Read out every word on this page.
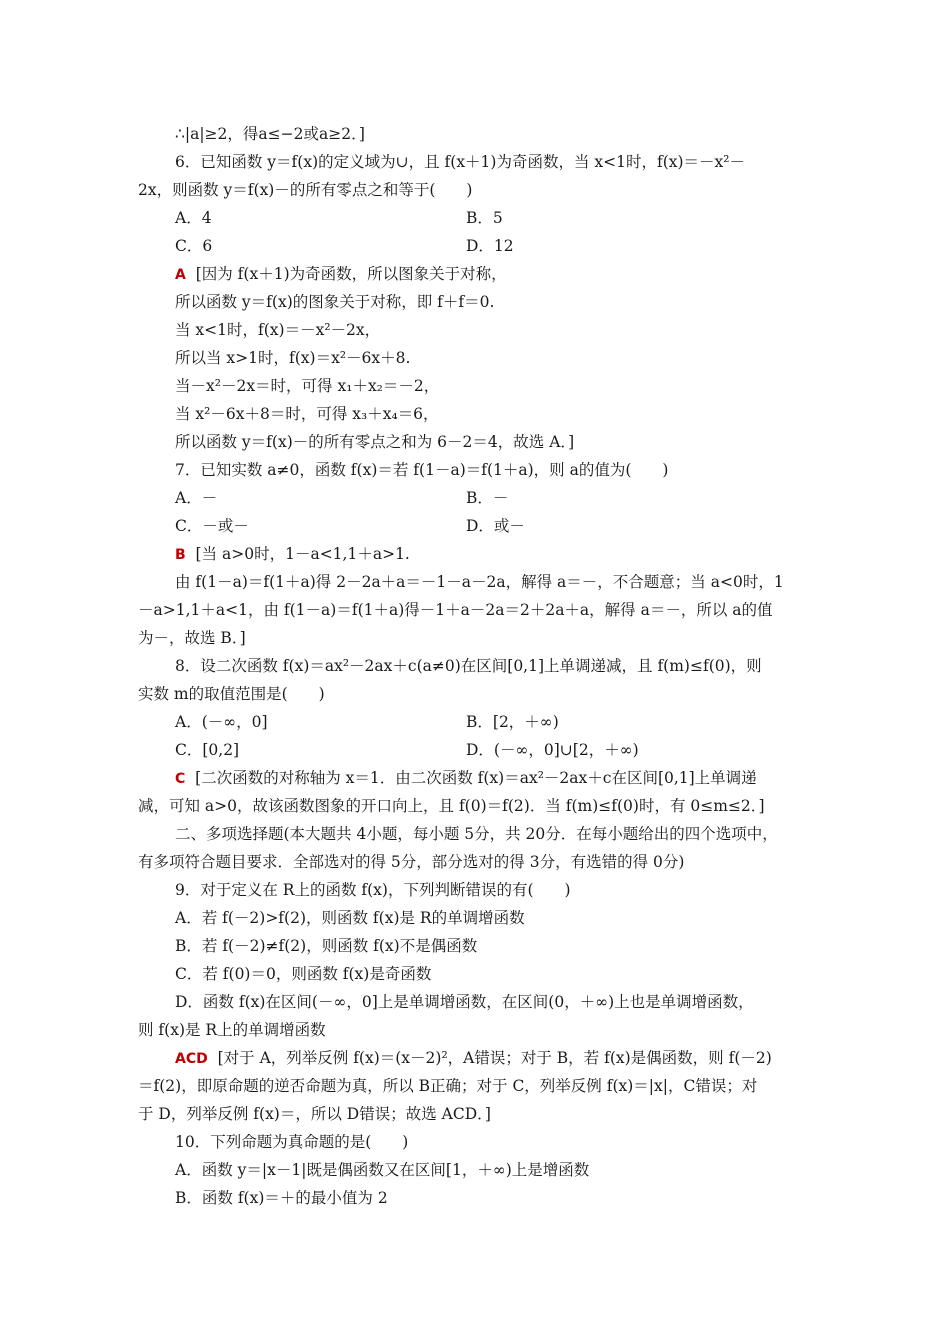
∴|a|≥2，得a≤−2或a≥2．]
6．已知函数 y＝f(x)的定义域为∪，且 f(x＋1)为奇函数，当 x<1时，f(x)＝－x²－
2x，则函数 y＝f(x)－的所有零点之和等于(　　)
A．4	B．5
C．6	D．12
A [因为 f(x＋1)为奇函数，所以图象关于对称，
所以函数 y＝f(x)的图象关于对称，即 f＋f＝0.
当 x<1时，f(x)＝－x²－2x，
所以当 x>1时，f(x)＝x²－6x＋8.
当－x²－2x＝时，可得 x₁＋x₂＝－2，
当 x²－6x＋8＝时，可得 x₃＋x₄＝6，
所以函数 y＝f(x)－的所有零点之和为 6－2＝4，故选 A．]
7．已知实数 a≠0，函数 f(x)＝若 f(1－a)＝f(1＋a)，则 a的值为(　　)
A．－	B．－
C．－或－	D．或－
B [当 a>0时，1－a<1,1＋a>1.
由 f(1－a)＝f(1＋a)得 2－2a＋a＝－1－a－2a，解得 a＝－，不合题意；当 a<0时，1
－a>1,1＋a<1，由 f(1－a)＝f(1＋a)得－1＋a－2a＝2＋2a＋a，解得 a＝－，所以 a的值
为－，故选 B．]
8．设二次函数 f(x)＝ax²－2ax＋c(a≠0)在区间[0,1]上单调递减，且 f(m)≤f(0)，则
实数 m的取值范围是(　　)
A．(－∞，0]	B．[2，＋∞)
C．[0,2]	D．(－∞，0]∪[2，＋∞)
C [二次函数的对称轴为 x＝1．由二次函数 f(x)＝ax²－2ax＋c在区间[0,1]上单调递
减，可知 a>0，故该函数图象的开口向上，且 f(0)＝f(2)．当 f(m)≤f(0)时，有 0≤m≤2．]
二、多项选择题(本大题共 4小题，每小题 5分，共 20分．在每小题给出的四个选项中，
有多项符合题目要求．全部选对的得 5分，部分选对的得 3分，有选错的得 0分)
9．对于定义在 R上的函数 f(x)，下列判断错误的有(　　)
A．若 f(－2)>f(2)，则函数 f(x)是 R的单调增函数
B．若 f(－2)≠f(2)，则函数 f(x)不是偶函数
C．若 f(0)＝0，则函数 f(x)是奇函数
D．函数 f(x)在区间(－∞，0]上是单调增函数，在区间(0，＋∞)上也是单调增函数，
则 f(x)是 R上的单调增函数
ACD [对于 A，列举反例 f(x)＝(x－2)²，A错误；对于 B，若 f(x)是偶函数，则 f(－2)
＝f(2)，即原命题的逆否命题为真，所以 B正确；对于 C，列举反例 f(x)＝|x|，C错误；对
于 D，列举反例 f(x)＝，所以 D错误；故选 ACD．]
10．下列命题为真命题的是(　　)
A．函数 y＝|x－1|既是偶函数又在区间[1，＋∞)上是增函数
B．函数 f(x)＝＋的最小值为 2
